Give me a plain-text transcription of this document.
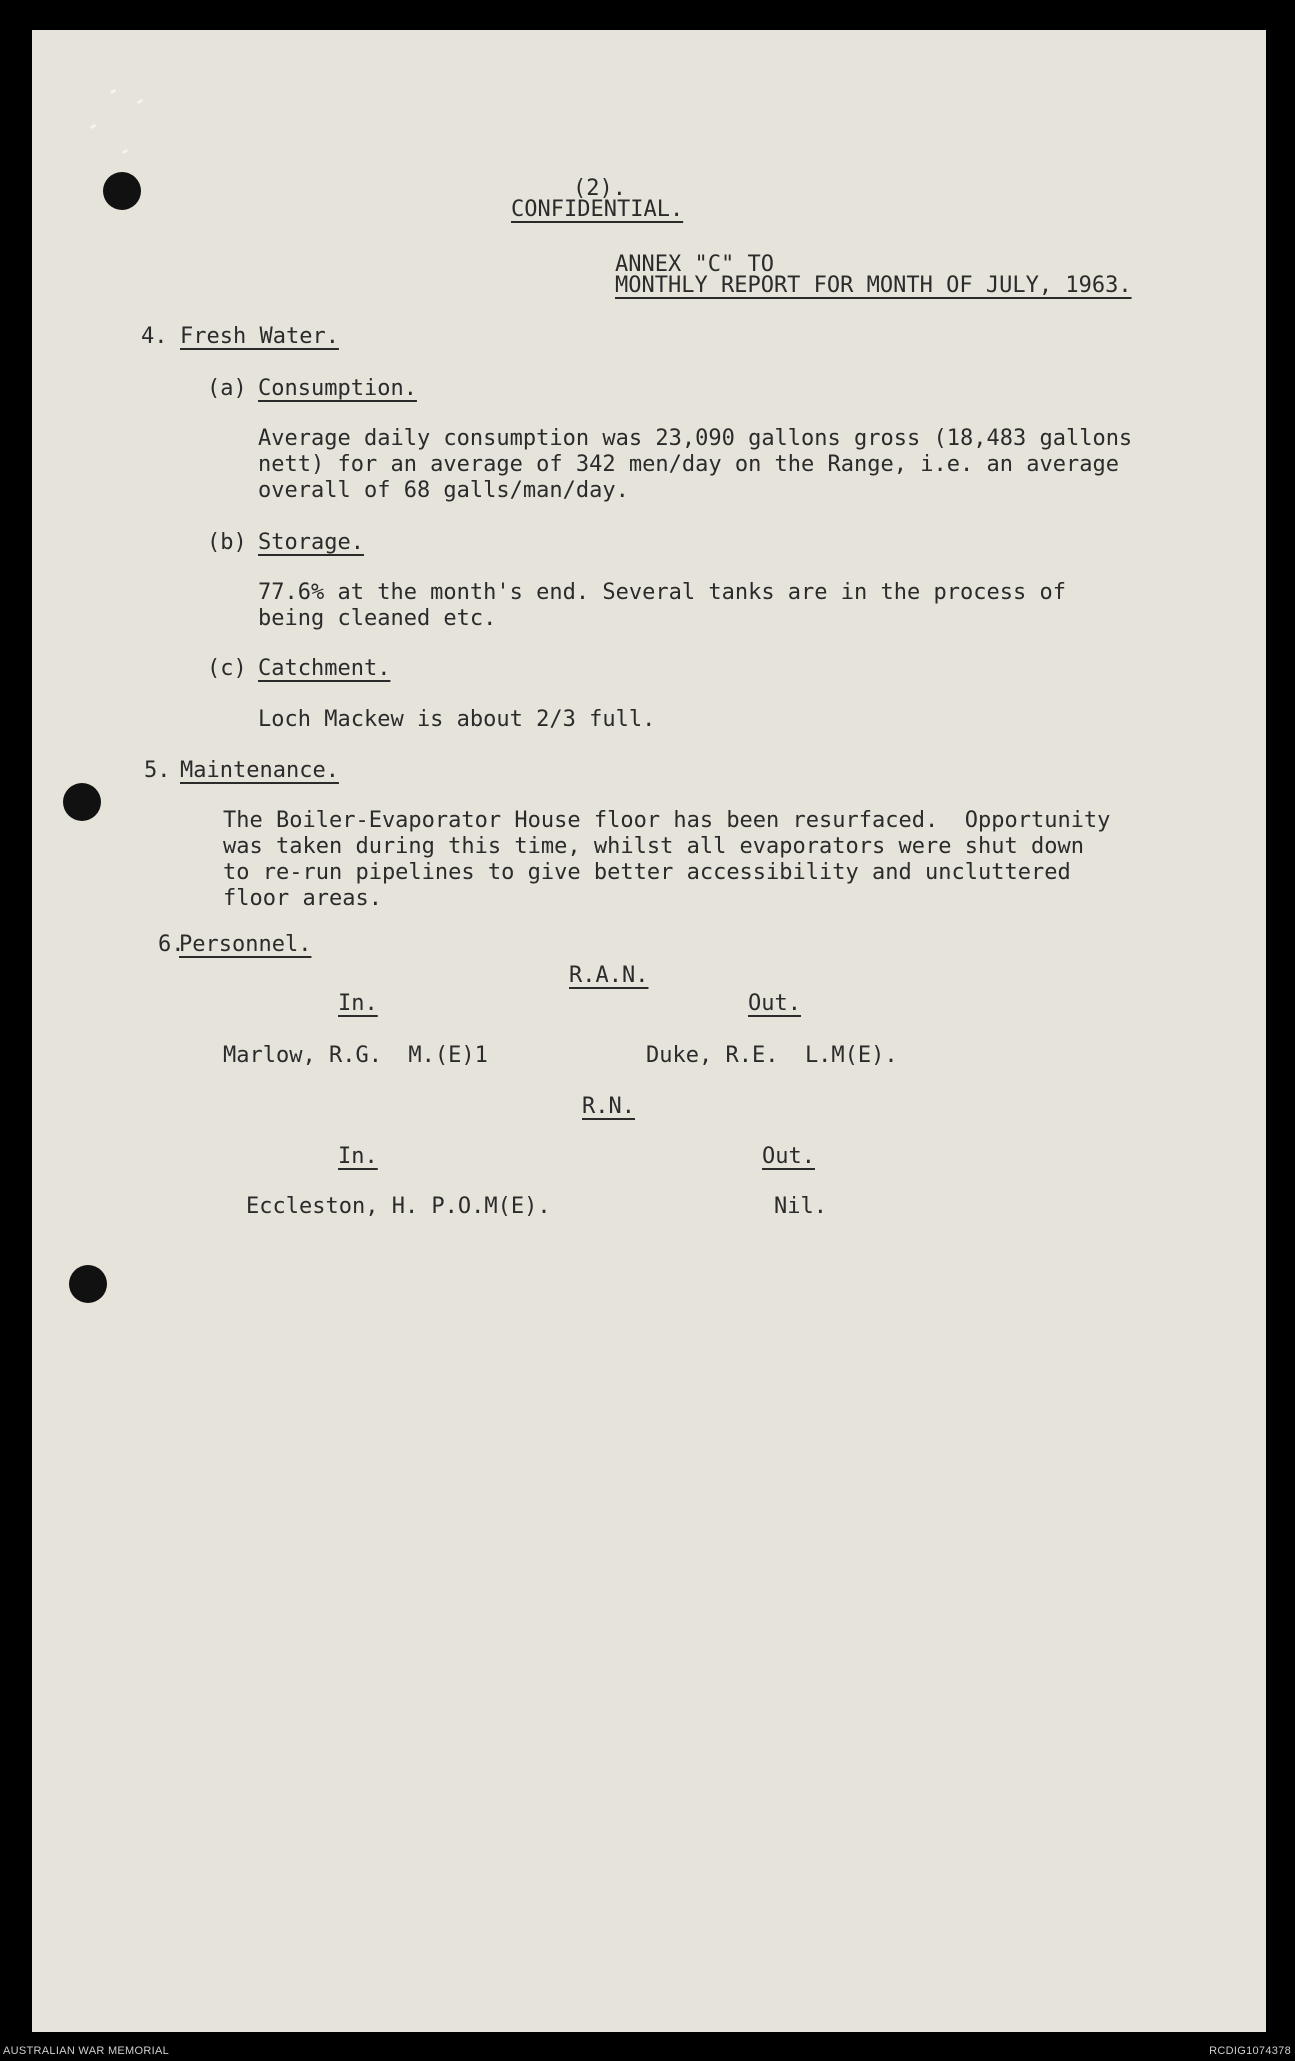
(2).
CONFIDENTIAL.
ANNEX "C" TO
MONTHLY REPORT FOR MONTH OF JULY, 1963.
4. Fresh Water.
(a) Consumption.
Average daily consumption was 23,090 gallons gross (18,483 gallons
nett) for an average of 342 men/day on the Range, i.e. an average
overall of 68 galls/man/day.
(b) Storage.
77.6% at the month's end. Several tanks are in the process of
being cleaned etc.
(c) Catchment.
Loch Mackew is about 2/3 full.
5. Maintenance.
The Boiler-Evaporator House floor has been resurfaced.  Opportunity
was taken during this time, whilst all evaporators were shut down
to re-run pipelines to give better accessibility and uncluttered
floor areas.
6.
Personnel.
R.A.N.
In.	Out.
Marlow, R.G.  M.(E)1	Duke, R.E.  L.M(E).
R.N.
In.	Out.
Eccleston, H. P.O.M(E).	Nil.
AUSTRALIAN WAR MEMORIAL	RCDIG1074378
